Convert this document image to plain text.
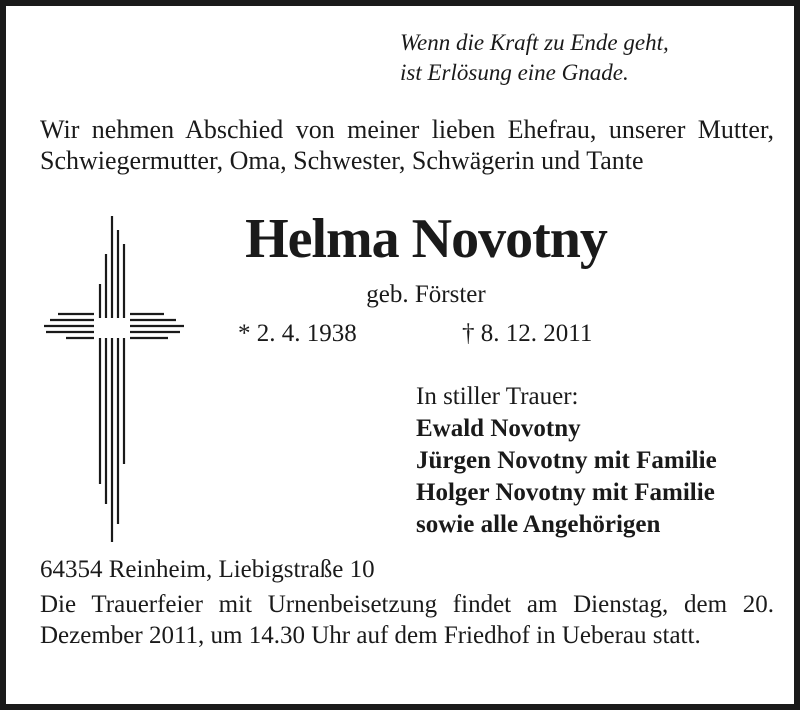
Wenn die Kraft zu Ende geht,
ist Erlösung eine Gnade.
Wir nehmen Abschied von meiner lieben Ehefrau, unserer Mutter, Schwiegermutter, Oma, Schwester, Schwägerin und Tante
Helma Novotny
geb. Förster
* 2. 4. 1938	† 8. 12. 2011
In stiller Trauer:
Ewald Novotny
Jürgen Novotny mit Familie
Holger Novotny mit Familie
sowie alle Angehörigen
64354 Reinheim, Liebigstraße 10
Die Trauerfeier mit Urnenbeisetzung findet am Dienstag, dem 20. Dezember 2011, um 14.30 Uhr auf dem Friedhof in Ueberau statt.
